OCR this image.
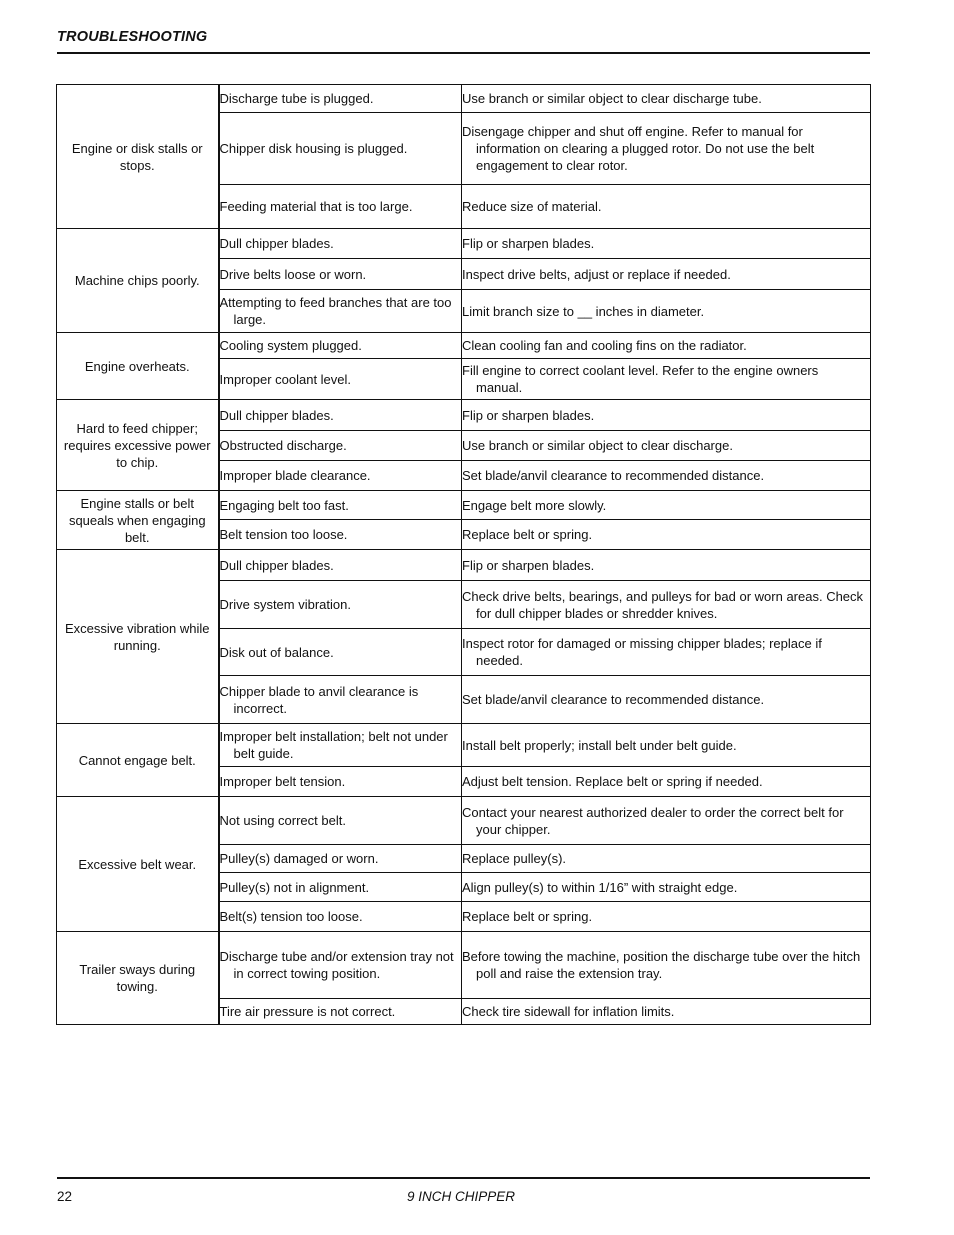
TROUBLESHOOTING
Engine or disk stalls or stops.	Discharge tube is plugged.	Use branch or similar object to clear discharge tube.
	Chipper disk housing is plugged.	Disengage chipper and shut off engine. Refer to manual for information on clearing a plugged rotor. Do not use the belt engagement to clear rotor.
	Feeding material that is too large.	Reduce size of material.
Machine chips poorly.	Dull chipper blades.	Flip or sharpen blades.
	Drive belts loose or worn.	Inspect drive belts, adjust or replace if needed.
	Attempting to feed branches that are too large.	Limit branch size to __ inches in diameter.
Engine overheats.	Cooling system plugged.	Clean cooling fan and cooling fins on the radiator.
	Improper coolant level.	Fill engine to correct coolant level. Refer to the engine owners manual.
Hard to feed chipper; requires excessive power to chip.	Dull chipper blades.	Flip or sharpen blades.
	Obstructed discharge.	Use branch or similar object to clear discharge.
	Improper blade clearance.	Set blade/anvil clearance to recommended distance.
Engine stalls or belt squeals when engaging belt.	Engaging belt too fast.	Engage belt more slowly.
	Belt tension too loose.	Replace belt or spring.
Excessive vibration while running.	Dull chipper blades.	Flip or sharpen blades.
	Drive system vibration.	Check drive belts, bearings, and pulleys for bad or worn areas. Check for dull chipper blades or shredder knives.
	Disk out of balance.	Inspect rotor for damaged or missing chipper blades; replace if needed.
	Chipper blade to anvil clearance is incorrect.	Set blade/anvil clearance to recommended distance.
Cannot engage belt.	Improper belt installation; belt not under belt guide.	Install belt properly; install belt under belt guide.
	Improper belt tension.	Adjust belt tension. Replace belt or spring if needed.
Excessive belt wear.	Not using correct belt.	Contact your nearest authorized dealer to order the correct belt for your chipper.
	Pulley(s) damaged or worn.	Replace pulley(s).
	Pulley(s) not in alignment.	Align pulley(s) to within 1/16” with straight edge.
	Belt(s) tension too loose.	Replace belt or spring.
Trailer sways during towing.	Discharge tube and/or extension tray not in correct towing position.	Before towing the machine, position the discharge tube over the hitch poll and raise the extension tray.
	Tire air pressure is not correct.	Check tire sidewall for inflation limits.
22	9 INCH CHIPPER
